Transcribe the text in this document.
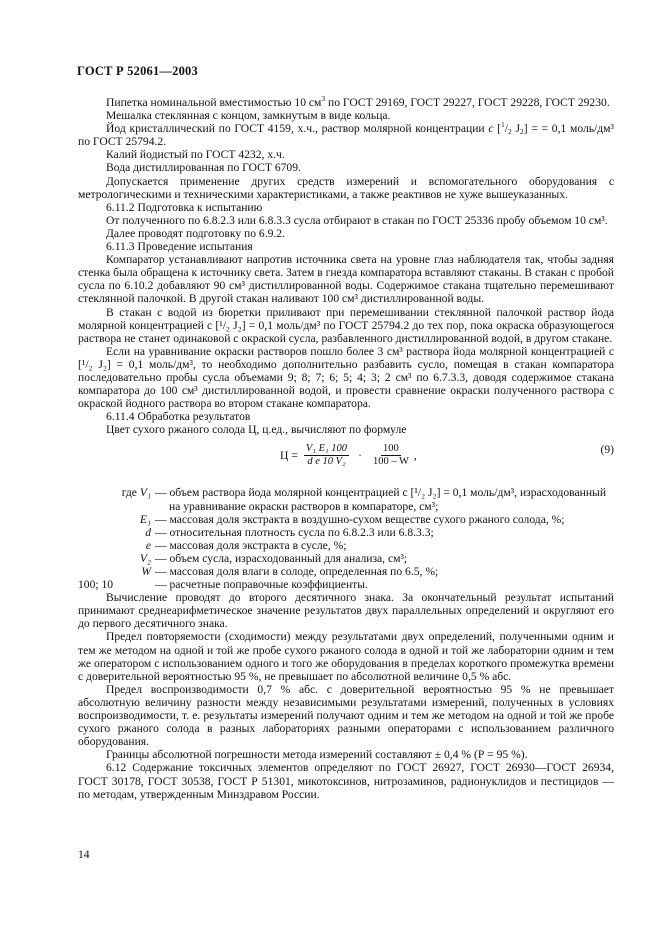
ГОСТ Р 52061—2003

Пипетка номинальной вместимостью 10 $см^3$ по ГОСТ 29169, ГОСТ 29227, ГОСТ 29228, ГОСТ 29230.

Мешалка стеклянная с концом, замкнутым в виде кольца.

Йод кристаллический по ГОСТ 4159, х.ч., раствор молярной концентрации с [$^1/_2$ $J_2$] = = 0,1 моль/дм³ по ГОСТ 25794.2.

Калий йодистый по ГОСТ 4232, х.ч.

Вода дистиллированная по ГОСТ 6709.

Допускается применение других средств измерений и вспомогательного оборудования с метрологическими и техническими характеристиками, а также реактивов не хуже вышеуказанных.

6.11.2 Подготовка к испытанию

От полученного по 6.8.2.3 или 6.8.3.3 сусла отбирают в стакан по ГОСТ 25336 пробу объемом 10 см³.

Далее проводят подготовку по 6.9.2.

6.11.3 Проведение испытания

Компаратор устанавливают напротив источника света на уровне глаз наблюдателя так, чтобы задняя стенка была обращена к источнику света. Затем в гнезда компаратора вставляют стаканы. В стакан с пробой сусла по 6.10.2 добавляют 90 см³ дистиллированной воды. Содержимое стакана тщательно перемешивают стеклянной палочкой. В другой стакан наливают 100 см³ дистиллированной воды.

В стакан с водой из бюретки приливают при перемешивании стеклянной палочкой раствор йода молярной концентрацией с [¹/₂ J₂] = 0,1 моль/дм³ по ГОСТ 25794.2 до тех пор, пока окраска образующегося раствора не станет одинаковой с окраской сусла, разбавленного дистиллированной водой, в другом стакане.

Если на уравнивание окраски растворов пошло более 3 см³ раствора йода молярной концентрацией с [¹/₂ J₂] = 0,1 моль/дм³, то необходимо дополнительно разбавить сусло, помещая в стакан компаратора последовательно пробы сусла объемами 9; 8; 7; 6; 5; 4; 3; 2 см³ по 6.7.3.3, доводя содержимое стакана компаратора до 100 см³ дистиллированной водой, и провести сравнение окраски полученного раствора с окраской йодного раствора во втором стакане компаратора.

6.11.4 Обработка результатов

Цвет сухого ржаного солода Ц, ц.ед., вычисляют по формуле

$Ц = \frac{\text{V₁ E₁ 100}}{\text{d e 10 V₂}} \cdot \frac{100}{100 - W}$ ,	(9)
где V₁ — объем раствора йода молярной концентрацией с [¹/₂ J₂] = 0,1 моль/дм³, израсходованный на уравнивание окраски растворов в компараторе, см³;
E₁ — массовая доля экстракта в воздушно-сухом веществе сухого ржаного солода, %;
d — относительная плотность сусла по 6.8.2.3 или 6.8.3.3;
e — массовая доля экстракта в сусле, %;
V₂ — объем сусла, израсходованный для анализа, см³;
W — массовая доля влаги в солоде, определенная по 6.5, %;
100; 10	— расчетные поправочные коэффициенты.

Вычисление проводят до второго десятичного знака. За окончательный результат испытаний принимают среднеарифметическое значение результатов двух параллельных определений и округляют его до первого десятичного знака.

Предел повторяемости (сходимости) между результатами двух определений, полученными одним и тем же методом на одной и той же пробе сухого ржаного солода в одной и той же лаборатории одним и тем же оператором с использованием одного и того же оборудования в пределах короткого промежутка времени с доверительной вероятностью 95 %, не превышает по абсолютной величине 0,5 % абс.

Предел воспроизводимости 0,7 % абс. с доверительной вероятностью 95 % не превышает абсолютную величину разности между независимыми результатами измерений, полученных в условиях воспроизводимости, т. е. результаты измерений получают одним и тем же методом на одной и той же пробе сухого ржаного солода в разных лабораториях разными операторами с использованием различного оборудования.

Границы абсолютной погрешности метода измерений составляют ± 0,4 % (Р = 95 %).

6.12 Содержание токсичных элементов определяют по ГОСТ 26927, ГОСТ 26930—ГОСТ 26934, ГОСТ 30178, ГОСТ 30538, ГОСТ Р 51301, микотоксинов, нитрозаминов, радионуклидов и пестицидов — по методам, утвержденным Минздравом России.

14
